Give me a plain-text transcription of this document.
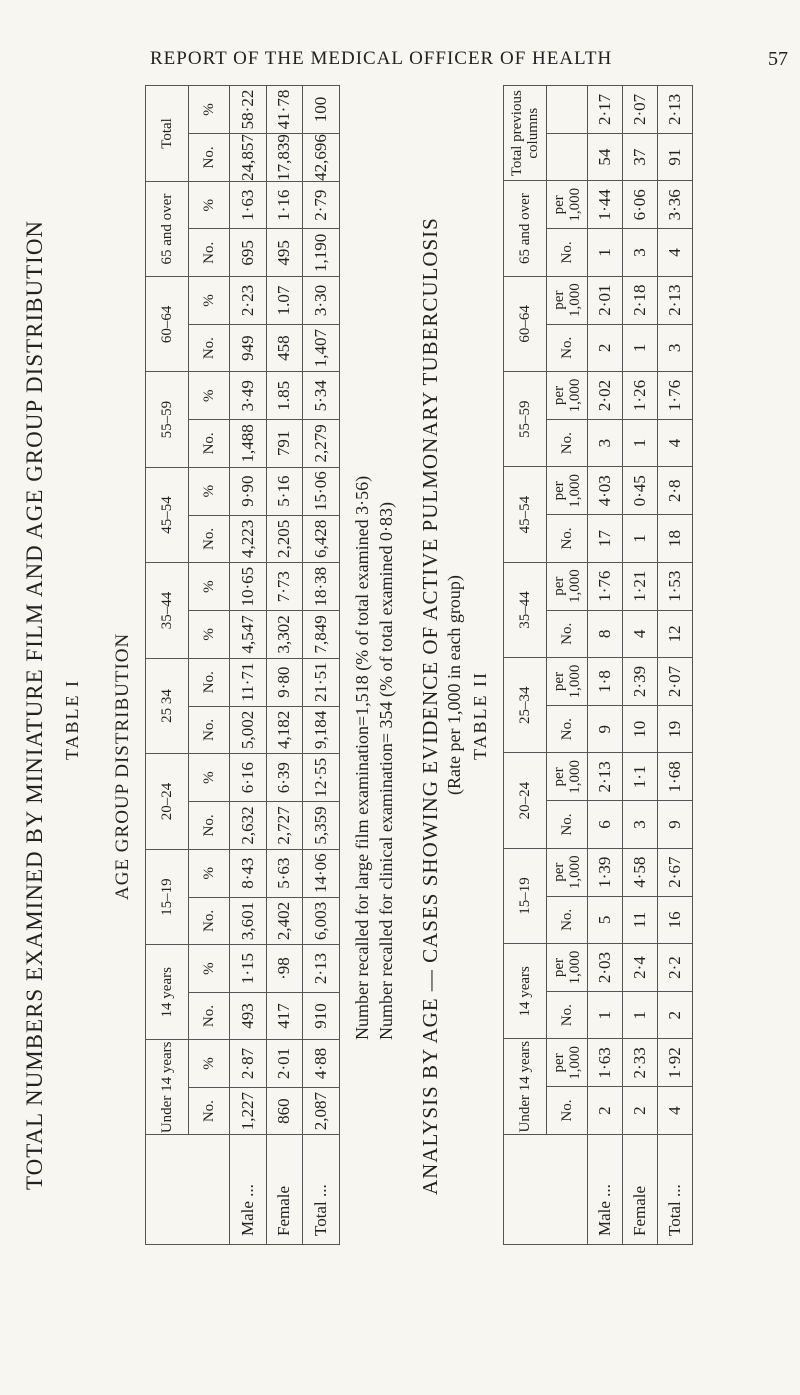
REPORT OF THE MEDICAL OFFICER OF HEALTH	57
TOTAL NUMBERS EXAMINED BY MINIATURE FILM AND AGE GROUP DISTRIBUTION TABLE I AGE GROUP DISTRIBUTION	Number recalled for large film examination=1,518 (% of total examined 3·56) Number recalled for clinical examination= 354 (% of total examined 0·83) ANALYSIS BY AGE — CASES SHOWING EVIDENCE OF ACTIVE PULMONARY TUBERCULOSIS (Rate per 1,000 in each group) TABLE II
	Under 14 years		14 years		15–19		20–24		25 34		35–44		45–54		55–59		60–64		65 and over		Total	
	No.	%	No.	%	No.	%	No.	%	No.	No.	%	%	No.	%	No.	%	No.	%	No.	%	No.	%
Male ...	1,227	2·87	493	1·15	3,601	8·43	2,632	6·16	5,002	11·71	4,547	10·65	4,223	9·90	1,488	3·49	949	2·23	695	1·63	24,857	58·22
Female	860	2·01	417	·98	2,402	5·63	2,727	6·39	4,182	9·80	3,302	7·73	2,205	5·16	791	1.85	458	1.07	495	1·16	17,839	41·78
Total ...	2,087	4·88	910	2·13	6,003	14·06	5,359	12·55	9,184	21·51	7,849	18·38	6,428	15·06	2,279	5·34	1,407	3·30	1,190	2·79	42,696	100
	Under 14 years		14 years		15–19		20–24		25–34		35–44		45–54		55–59		60–64		65 and over		Total previous columns	
	No.	per 1,000	No.	per 1,000	No.	per 1,000	No.	per 1,000	No.	per 1,000	No.	per 1,000	No.	per 1,000	No.	per 1,000	No.	per 1,000	No.	per 1,000		
Male ...	2	1·63	1	2·03	5	1·39	6	2·13	9	1·8	8	1·76	17	4·03	3	2·02	2	2·01	1	1·44	54	2·17
Female	2	2·33	1	2·4	11	4·58	3	1·1	10	2·39	4	1·21	1	0·45	1	1·26	1	2·18	3	6·06	37	2·07
Total ...	4	1·92	2	2·2	16	2·67	9	1·68	19	2·07	12	1·53	18	2·8	4	1·76	3	2·13	4	3·36	91	2·13
